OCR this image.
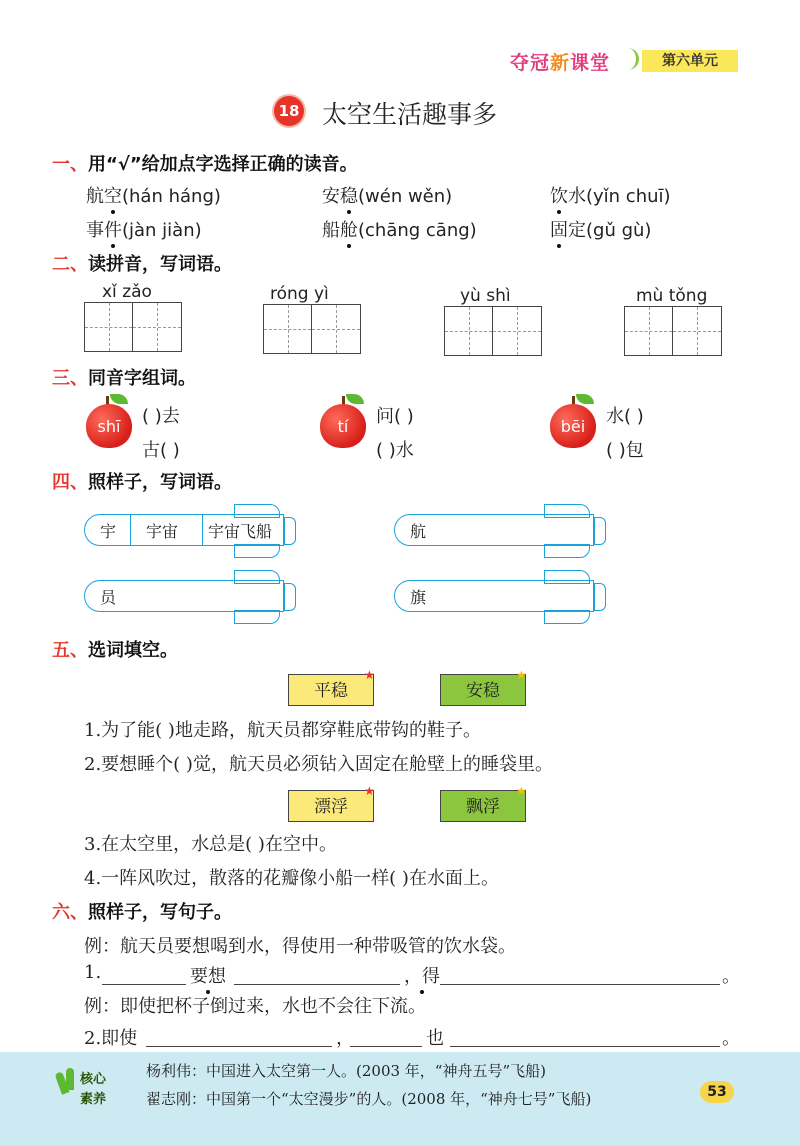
夺冠新课堂	第六单元
18 太空生活趣事多
一、用“√”给加点字选择正确的读音。
航空(hán háng)	安稳(wén wěn)	饮水(yǐn chuī)
事件(jàn jiàn)	船舱(chāng cāng)	固定(gǔ gù)
二、读拼音，写词语。
xǐ zǎo	róng yì	yù shì	mù tǒng
三、同音字组词。
shī	( )去
古( )
tí	问( )
( )水
bēi	水( )
( )包
四、照样子，写词语。
宇 宇宙 宇宙飞船	航
员	旗
五、选词填空。
平稳
★
安稳
★
1.为了能( )地走路，航天员都穿鞋底带钩的鞋子。
2.要想睡个( )觉，航天员必须钻入固定在舱壁上的睡袋里。
漂浮
★
飘浮
★
3.在太空里，水总是( )在空中。
4.一阵风吹过，散落的花瓣像小船一样( )在水面上。
六、照样子，写句子。
例：航天员要想喝到水，得使用一种带吸管的饮水袋。
1.	要想	，得	。
例：即使把杯子倒过来，水也不会往下流。
2.即使	，	也	。
核心
素养
杨利伟：中国进入太空第一人。(2003 年，“神舟五号”飞船)
翟志刚：中国第一个“太空漫步”的人。(2008 年，“神舟七号”飞船)	53
